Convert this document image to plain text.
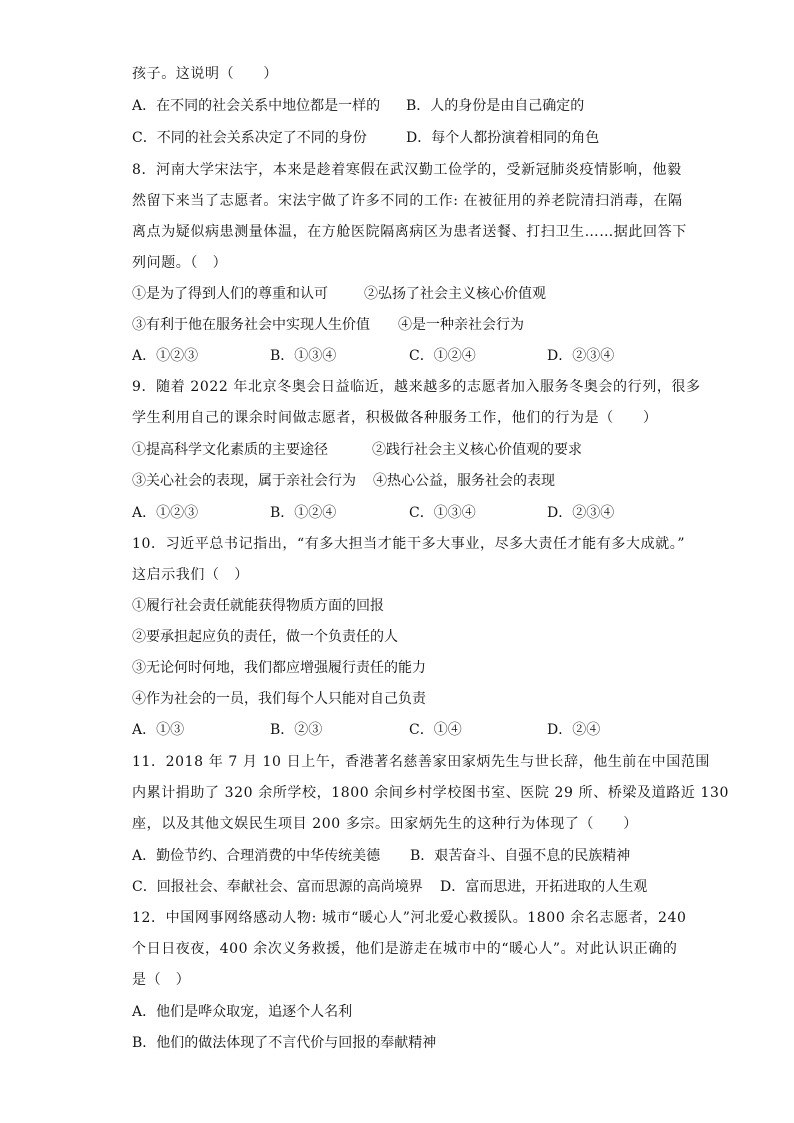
孩子。这说明（　　）
A．在不同的社会关系中地位都是一样的 B．人的身份是由自己确定的
C．不同的社会关系决定了不同的身份	D．每个人都扮演着相同的角色
8．河南大学宋法宇，本来是趁着寒假在武汉勤工俭学的，受新冠肺炎疫情影响，他毅
然留下来当了志愿者。宋法宇做了许多不同的工作: 在被征用的养老院清扫消毒，在隔
离点为疑似病患测量体温，在方舱医院隔离病区为患者送餐、打扫卫生……据此回答下
列问题。（　）
①是为了得到人们的尊重和认可	②弘扬了社会主义核心价值观
③有利于他在服务社会中实现人生价值 ④是一种亲社会行为
A．①②③	B．①③④	C．①②④	D．②③④
9．随着 2022 年北京冬奥会日益临近，越来越多的志愿者加入服务冬奥会的行列，很多
学生利用自己的课余时间做志愿者，积极做各种服务工作，他们的行为是（　　）
①提高科学文化素质的主要途径	②践行社会主义核心价值观的要求
③关心社会的表现，属于亲社会行为 ④热心公益，服务社会的表现
A．①②③	B．①②④	C．①③④	D．②③④
10．习近平总书记指出，“有多大担当才能干多大事业，尽多大责任才能有多大成就。”
这启示我们（　）
①履行社会责任就能获得物质方面的回报
②要承担起应负的责任，做一个负责任的人
③无论何时何地，我们都应增强履行责任的能力
④作为社会的一员，我们每个人只能对自己负责
A．①③	B．②③	C．①④	D．②④
11．2018 年 7 月 10 日上午，香港著名慈善家田家炳先生与世长辞，他生前在中国范围
内累计捐助了 320 余所学校，1800 余间乡村学校图书室、医院 29 所、桥梁及道路近 130
座，以及其他文娱民生项目 200 多宗。田家炳先生的这种行为体现了（　　）
A．勤俭节约、合理消费的中华传统美德 B．艰苦奋斗、自强不息的民族精神
C．回报社会、奉献社会、富而思源的高尚境界 D．富而思进，开拓进取的人生观
12．中国网事网络感动人物: 城市“暖心人”河北爱心救援队。1800 余名志愿者，240
个日日夜夜，400 余次义务救援，他们是游走在城市中的“暖心人”。对此认识正确的
是（　）
A．他们是哗众取宠，追逐个人名利
B．他们的做法体现了不言代价与回报的奉献精神
